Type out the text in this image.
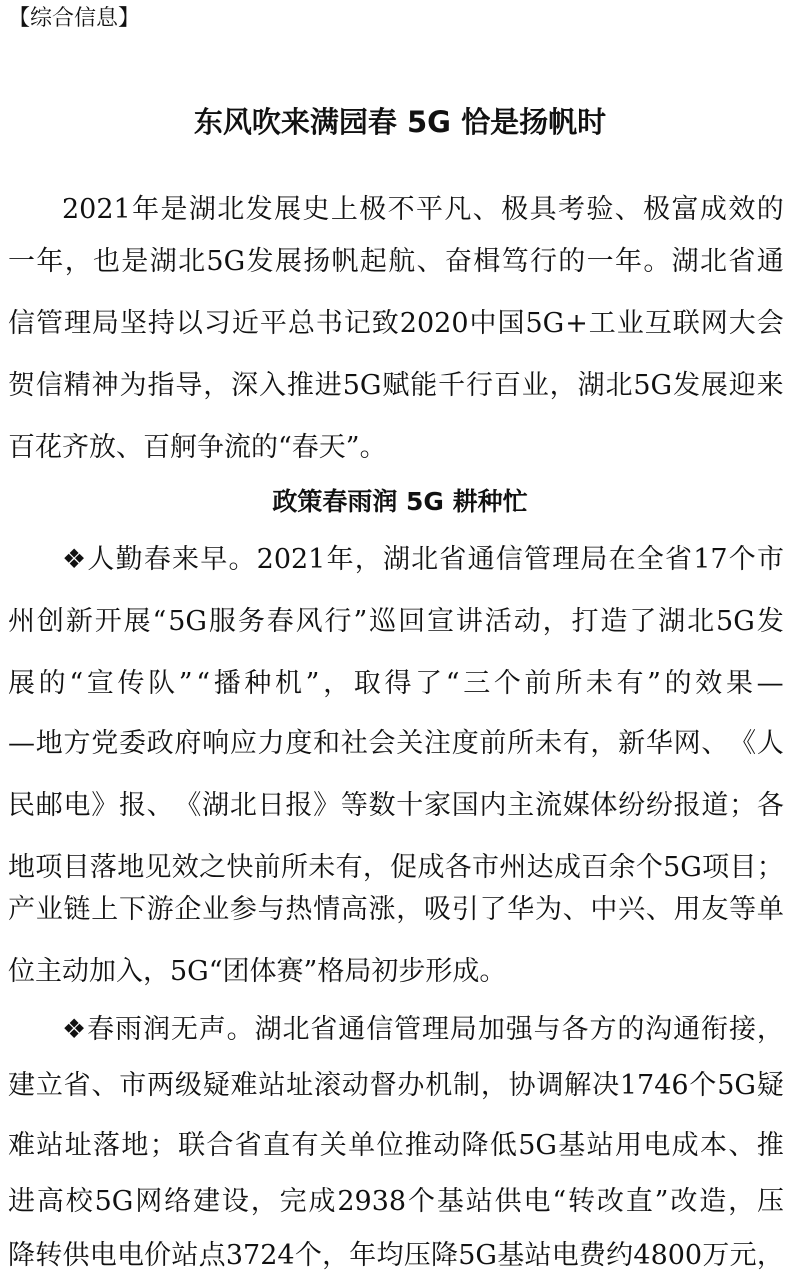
【综合信息】
东风吹来满园春 5G 恰是扬帆时
2021 年 是 湖 北 发 展 史 上 极 不 平 凡 、 极 具 考 验 、 极 富 成 效 的
一 年 ， 也 是 湖 北 5G 发 展 扬 帆 起 航 、 奋 楫 笃 行 的 一 年 。 湖 北 省 通
信 管 理 局 坚 持 以 习 近 平 总 书 记 致 2020 中 国 5G + 工 业 互 联 网 大 会
贺 信 精 神 为 指 导 ， 深 入 推 进 5G 赋 能 千 行 百 业 ， 湖 北 5G 发 展 迎 来
百花齐放、百舸争流的“春天”。
政策春雨润 5G 耕种忙
❖ 人 勤 春 来 早 。 2021 年 ， 湖 北 省 通 信 管 理 局 在 全 省 17 个 市
州 创 新 开 展 “ 5G 服 务 春 风 行 ” 巡 回 宣 讲 活 动 ， 打 造 了 湖 北 5G 发
展 的 “ 宣 传 队 ” “ 播 种 机 ” ， 取 得 了 “ 三 个 前 所 未 有 ” 的 效 果 —
— 地 方 党 委 政 府 响 应 力 度 和 社 会 关 注 度 前 所 未 有 ， 新 华 网 、 《 人
民 邮 电 》 报 、 《 湖 北 日 报 》 等 数 十 家 国 内 主 流 媒 体 纷 纷 报 道 ； 各
地 项 目 落 地 见 效 之 快 前 所 未 有 ， 促 成 各 市 州 达 成 百 余 个 5G 项 目 ；
产 业 链 上 下 游 企 业 参 与 热 情 高 涨 ， 吸 引 了 华 为 、 中 兴 、 用 友 等 单
位主动加入，5G“团体赛”格局初步形成。
❖ 春 雨 润 无 声 。 湖 北 省 通 信 管 理 局 加 强 与 各 方 的 沟 通 衔 接 ，
建 立 省 、 市 两 级 疑 难 站 址 滚 动 督 办 机 制 ， 协 调 解 决 1746 个 5G 疑
难 站 址 落 地 ； 联 合 省 直 有 关 单 位 推 动 降 低 5G 基 站 用 电 成 本 、 推
进 高 校 5G 网 络 建 设 ， 完 成 2938 个 基 站 供 电 “ 转 改 直 ” 改 造 ， 压
降 转 供 电 电 价 站 点 3724 个 ， 年 均 压 降 5G 基 站 电 费 约 4800 万 元 ，
